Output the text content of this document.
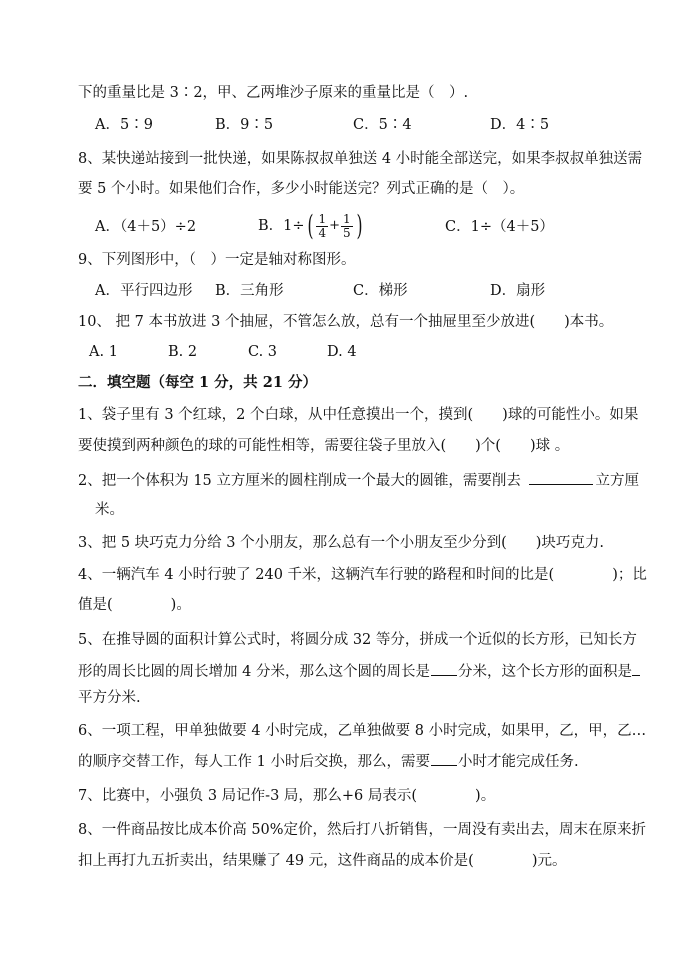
下的重量比是 3∶2，甲、乙两堆沙子原来的重量比是（　）.
A．5∶9	B．9∶5	C．5∶4	D．4∶5
8、某快递站接到一批快递，如果陈叔叔单独送 4 小时能全部送完，如果李叔叔单独送需
要 5 个小时。如果他们合作，多少小时能送完？列式正确的是（　）。
A．（4＋5）÷2	B．1÷ ( $\frac{1}{4} + \frac{1}{5}$ )	C．1÷（4＋5）
9、下列图形中，（　）一定是轴对称图形。
A．平行四边形 B．三角形	C．梯形	D．扇形
10、 把 7 本书放进 3 个抽屉，不管怎么放，总有一个抽屉里至少放进(　　)本书。
A. 1	B. 2	C. 3	D. 4
二．填空题（每空 1 分，共 21 分）
1、袋子里有 3 个红球，2 个白球，从中任意摸出一个，摸到(　　)球的可能性小。如果
要使摸到两种颜色的球的可能性相等，需要往袋子里放入(　　)个(　　)球 。
2、把一个体积为 15 立方厘米的圆柱削成一个最大的圆锥，需要削去	立方厘
米。
3、把 5 块巧克力分给 3 个小朋友，那么总有一个小朋友至少分到(　　)块巧克力.
4、一辆汽车 4 小时行驶了 240 千米，这辆汽车行驶的路程和时间的比是(　　　　)；比
值是(　　　　)。
5、在推导圆的面积计算公式时，将圆分成 32 等分，拼成一个近似的长方形，已知长方
形的周长比圆的周长增加 4 分米，那么这个圆的周长是 分米，这个长方形的面积是
平方分米.
6、一项工程，甲单独做要 4 小时完成，乙单独做要 8 小时完成，如果甲，乙，甲，乙…
的顺序交替工作，每人工作 1 小时后交换，那么，需要 小时才能完成任务.
7、比赛中，小强负 3 局记作-3 局，那么+6 局表示(　　　　)。
8、一件商品按比成本价高 50%定价，然后打八折销售，一周没有卖出去，周末在原来折
扣上再打九五折卖出，结果赚了 49 元，这件商品的成本价是(　　　　)元。
